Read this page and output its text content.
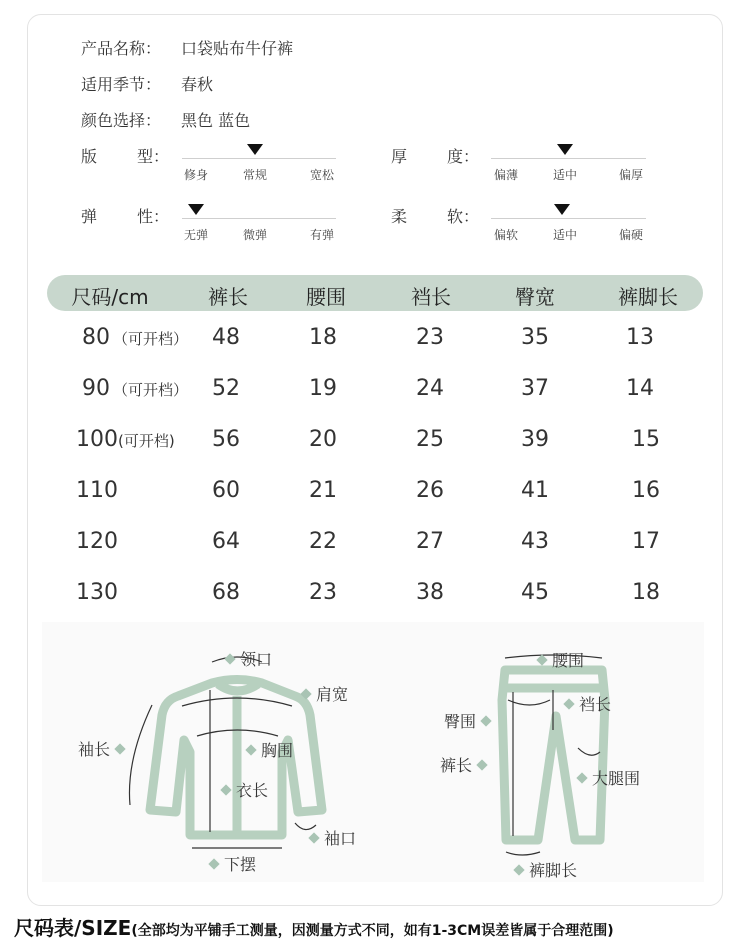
产品名称： 口袋贴布牛仔裤
适用季节： 春秋
颜色选择： 黑色 蓝色
版 型：
修身	常规	宽松
厚 度：
偏薄	适中	偏厚
弹 性：
无弹	微弹	有弹
柔 软：
偏软	适中	偏硬
尺码/cm	裤长	腰围	裆长	臀宽	裤脚长
80 （可开档） 48	18	23	35	13
90 （可开档） 52	19	24	37	14
100(可开档) 56	20	25	39	15
110	60	21	26	41	16
120	64	22	27	43	17
130	68	23	38	45	18
领口
肩宽
袖长	胸围
衣长
袖口
下摆
腰围
裆长
臀围
裤长
大腿围
裤脚长
尺码表/SIZE(全部均为平铺手工测量，因测量方式不同，如有1-3CM误差皆属于合理范围)
